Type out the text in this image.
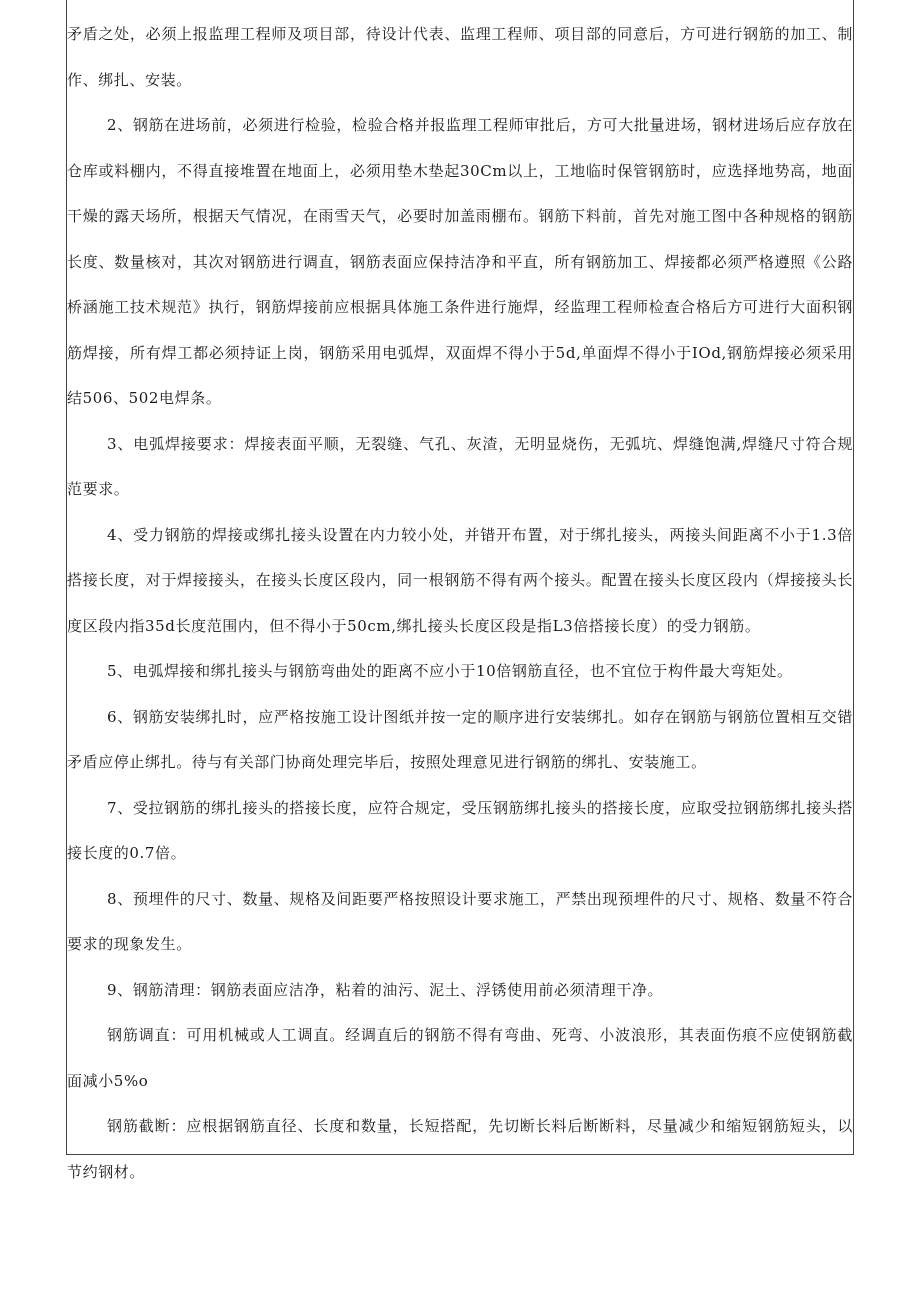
矛盾之处，必须上报监理工程师及项目部，待设计代表、监理工程师、项目部的同意后，方可进行钢筋的加工、制作、绑扎、安装。

2、钢筋在进场前，必须进行检验，检验合格并报监理工程师审批后，方可大批量进场，钢材进场后应存放在仓库或料棚内，不得直接堆置在地面上，必须用垫木垫起30Cm以上，工地临时保管钢筋时，应选择地势高，地面干燥的露天场所，根据天气情况，在雨雪天气，必要时加盖雨棚布。钢筋下料前，首先对施工图中各种规格的钢筋长度、数量核对，其次对钢筋进行调直，钢筋表面应保持洁净和平直，所有钢筋加工、焊接都必须严格遵照《公路桥涵施工技术规范》执行，钢筋焊接前应根据具体施工条件进行施焊，经监理工程师检查合格后方可进行大面积钢筋焊接，所有焊工都必须持证上岗，钢筋采用电弧焊，双面焊不得小于5d,单面焊不得小于IOd,钢筋焊接必须采用结506、502电焊条。

3、电弧焊接要求：焊接表面平顺，无裂缝、气孔、灰渣，无明显烧伤，无弧坑、焊缝饱满,焊缝尺寸符合规范要求。

4、受力钢筋的焊接或绑扎接头设置在内力较小处，并错开布置，对于绑扎接头，两接头间距离不小于1.3倍搭接长度，对于焊接接头，在接头长度区段内，同一根钢筋不得有两个接头。配置在接头长度区段内（焊接接头长度区段内指35d长度范围内，但不得小于50cm,绑扎接头长度区段是指L3倍搭接长度）的受力钢筋。

5、电弧焊接和绑扎接头与钢筋弯曲处的距离不应小于10倍钢筋直径，也不宜位于构件最大弯矩处。

6、钢筋安装绑扎时，应严格按施工设计图纸并按一定的顺序进行安装绑扎。如存在钢筋与钢筋位置相互交错矛盾应停止绑扎。待与有关部门协商处理完毕后，按照处理意见进行钢筋的绑扎、安装施工。

7、受拉钢筋的绑扎接头的搭接长度，应符合规定，受压钢筋绑扎接头的搭接长度，应取受拉钢筋绑扎接头搭接长度的0.7倍。

8、预埋件的尺寸、数量、规格及间距要严格按照设计要求施工，严禁出现预埋件的尺寸、规格、数量不符合要求的现象发生。

9、钢筋清理：钢筋表面应洁净，粘着的油污、泥土、浮锈使用前必须清理干净。

钢筋调直：可用机械或人工调直。经调直后的钢筋不得有弯曲、死弯、小波浪形，其表面伤痕不应使钢筋截面减小5%o

钢筋截断：应根据钢筋直径、长度和数量，长短搭配，先切断长料后断断料，尽量减少和缩短钢筋短头，以节约钢材。
